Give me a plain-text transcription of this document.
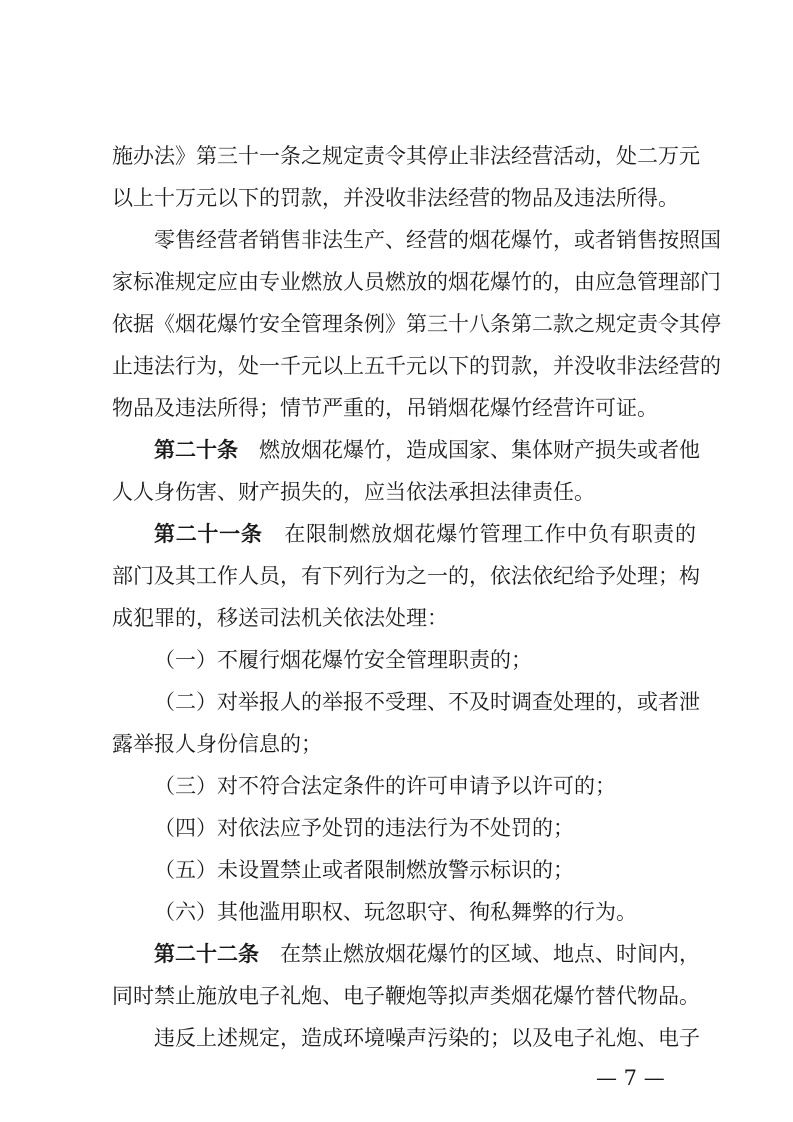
施办法》第三十一条之规定责令其停止非法经营活动，处二万元
以上十万元以下的罚款，并没收非法经营的物品及违法所得。
零售经营者销售非法生产、经营的烟花爆竹，或者销售按照国
家标准规定应由专业燃放人员燃放的烟花爆竹的，由应急管理部门
依据《烟花爆竹安全管理条例》第三十八条第二款之规定责令其停
止违法行为，处一千元以上五千元以下的罚款，并没收非法经营的
物品及违法所得；情节严重的，吊销烟花爆竹经营许可证。
第二十条 燃放烟花爆竹，造成国家、集体财产损失或者他
人人身伤害、财产损失的，应当依法承担法律责任。
第二十一条 在限制燃放烟花爆竹管理工作中负有职责的
部门及其工作人员，有下列行为之一的，依法依纪给予处理；构
成犯罪的，移送司法机关依法处理：
（一）不履行烟花爆竹安全管理职责的；
（二）对举报人的举报不受理、不及时调查处理的，或者泄
露举报人身份信息的；
（三）对不符合法定条件的许可申请予以许可的；
（四）对依法应予处罚的违法行为不处罚的；
（五）未设置禁止或者限制燃放警示标识的；
（六）其他滥用职权、玩忽职守、徇私舞弊的行为。
第二十二条 在禁止燃放烟花爆竹的区域、地点、时间内，
同时禁止施放电子礼炮、电子鞭炮等拟声类烟花爆竹替代物品。
违反上述规定，造成环境噪声污染的；以及电子礼炮、电子
— 7 —
